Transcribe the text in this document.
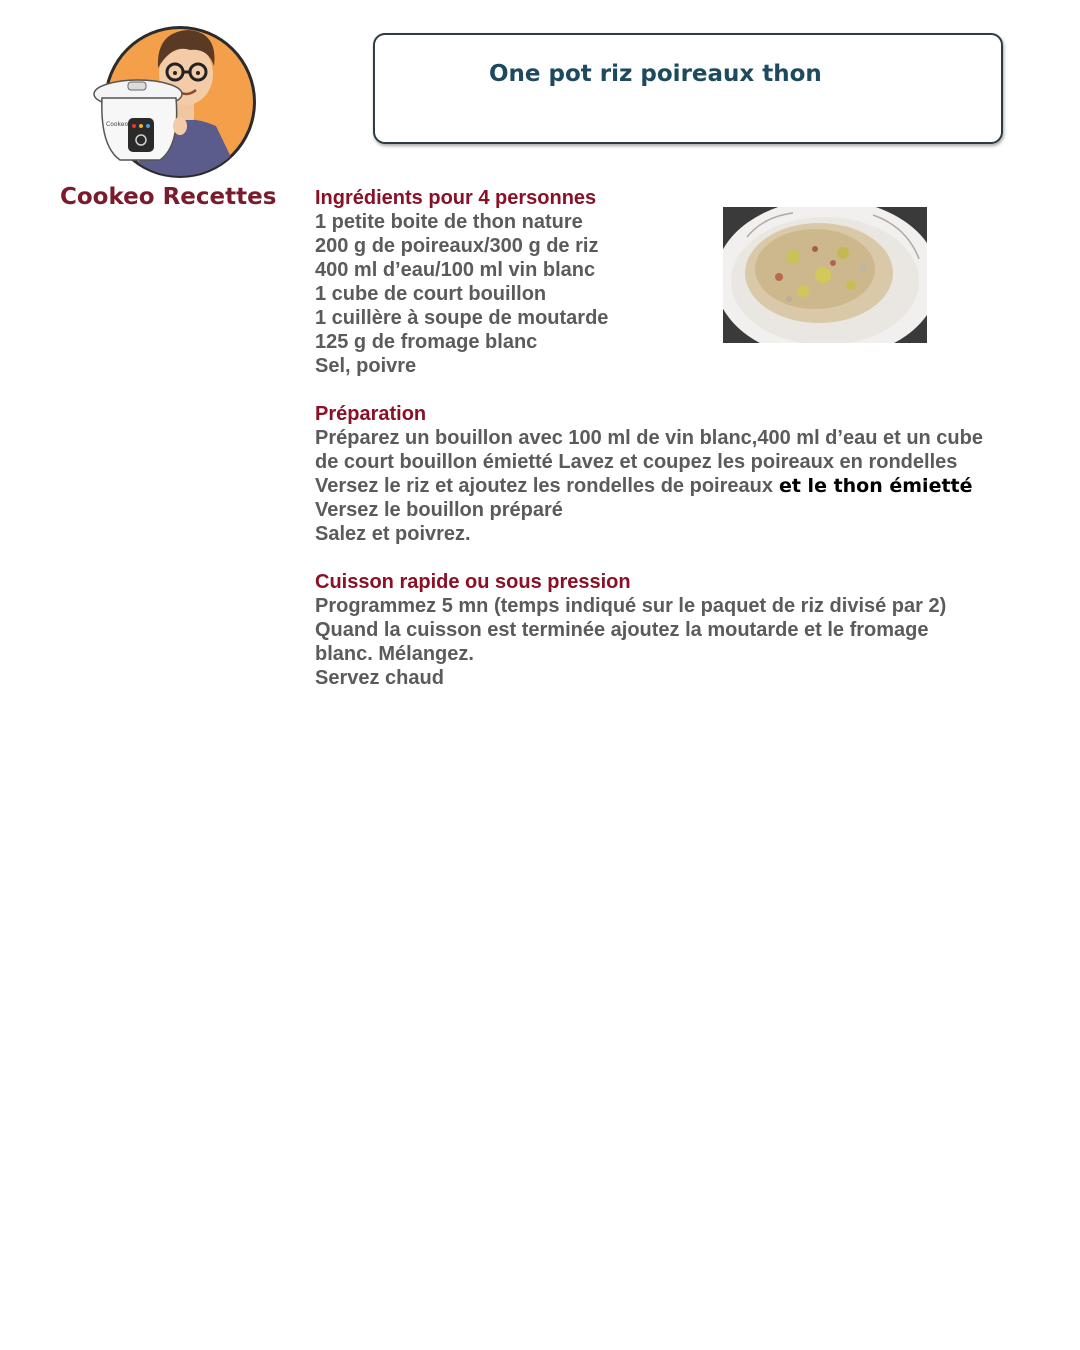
Cookeo
Cookeo Recettes
One pot riz poireaux thon
Ingrédients pour 4 personnes
1 petite boite de thon nature
200 g de poireaux/300 g de riz
400 ml d’eau/100 ml vin blanc
1 cube de court bouillon
1 cuillère à soupe de moutarde
125 g de fromage blanc
Sel, poivre
Préparation
Préparez un bouillon avec 100 ml de vin blanc,400 ml d’eau et un cube
de court bouillon émietté Lavez et coupez les poireaux en rondelles
Versez le riz et ajoutez les rondelles de poireaux et le thon émietté
Versez le bouillon préparé
Salez et poivrez.
Cuisson rapide ou sous pression
Programmez 5 mn (temps indiqué sur le paquet de riz divisé par 2)
Quand la cuisson est terminée ajoutez la moutarde et le fromage
blanc. Mélangez.
Servez chaud
